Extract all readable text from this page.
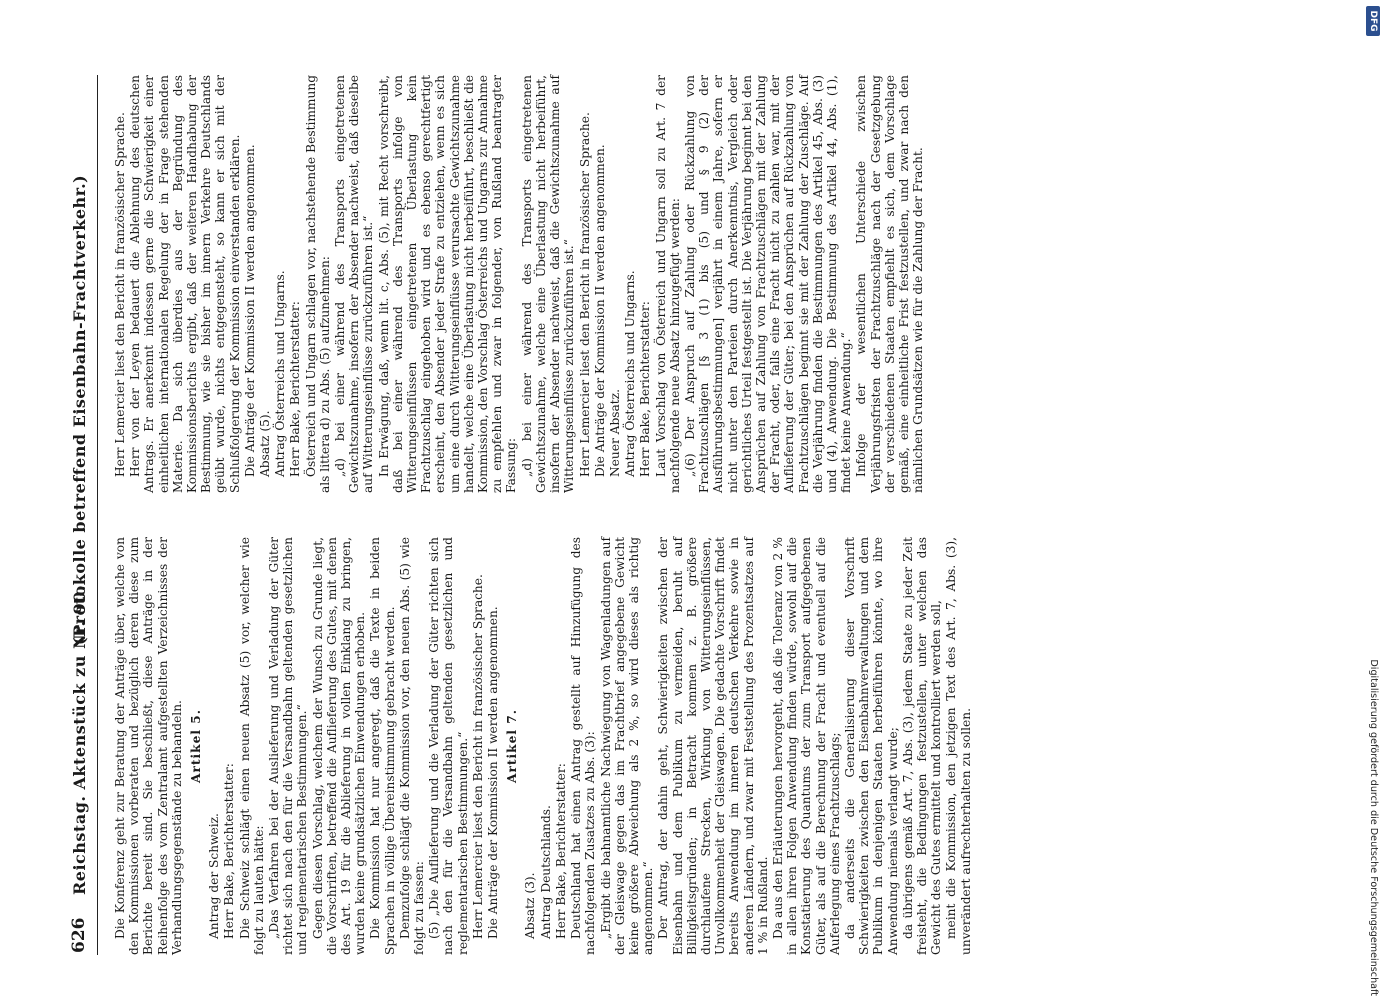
626
Reichstag. Aktenstück zu Nr. 90.
(Protokolle betreffend Eisenbahn-Frachtverkehr.)

Die Konferenz geht zur Beratung der Anträge über, welche von den Kommissionen vorberaten und bezüglich deren diese zum Berichte bereit sind. Sie beschließt, diese Anträge in der Reihenfolge des vom Zentralamt aufgestellten Verzeichnisses der Verhandlungsgegenstände zu behandeln. Artikel 5.

Antrag der Schweiz. Herr Bake, Berichterstatter: Die Schweiz schlägt einen neuen Absatz (5) vor, welcher wie folgt zu lauten hätte: „Das Verfahren bei der Auslieferung und Verladung der Güter richtet sich nach den für die Versandbahn geltenden gesetzlichen und reglementarischen Bestimmungen.“ Gegen diesen Vorschlag, welchem der Wunsch zu Grunde liegt, die Vorschriften, betreffend die Auflieferung des Gutes, mit denen des Art. 19 für die Ablieferung in vollen Einklang zu bringen, wurden keine grundsätzlichen Einwendungen erhoben. Die Kommission hat nur angeregt, daß die Texte in beiden Sprachen in völlige Übereinstimmung gebracht werden. Demzufolge schlägt die Kommission vor, den neuen Abs. (5) wie folgt zu fassen: (5) „Die Auflieferung und die Verladung der Güter richten sich nach den für die Versandbahn geltenden gesetzlichen und reglementarischen Bestimmungen.“ Herr Lemercier liest den Bericht in französischer Sprache. Die Anträge der Kommission II werden angenommen. Artikel 7.

Absatz (3). Antrag Deutschlands. Herr Bake, Berichterstatter: Deutschland hat einen Antrag gestellt auf Hinzufügung des nachfolgenden Zusatzes zu Abs. (3): „Ergibt die bahnamtliche Nachwiegung von Wagenladungen auf der Gleiswage gegen das im Frachtbrief angegebene Gewicht keine größere Abweichung als 2 %, so wird dieses als richtig angenommen.“ Der Antrag, der dahin geht, Schwierigkeiten zwischen der Eisenbahn und dem Publikum zu vermeiden, beruht auf Billigkeitsgründen; in Betracht kommen z. B. größere durchlaufene Strecken, Wirkung von Witterungseinflüssen, Unvollkommenheit der Gleiswagen. Die gedachte Vorschrift findet bereits Anwendung im inneren deutschen Verkehre sowie in anderen Ländern, und zwar mit Feststellung des Prozentsatzes auf 1 % in Rußland. Da aus den Erläuterungen hervorgeht, daß die Toleranz von 2 % in allen ihren Folgen Anwendung finden würde, sowohl auf die Konstatierung des Quantums der zum Transport aufgegebenen Güter, als auf die Berechnung der Fracht und eventuell auf die Auferlegung eines Frachtzuschlags; da anderseits die Generalisierung dieser Vorschrift Schwierigkeiten zwischen den Eisenbahnverwaltungen und dem Publikum in denjenigen Staaten herbeiführen könnte, wo ihre Anwendung niemals verlangt wurde; da übrigens gemäß Art. 7, Abs. (3), jedem Staate zu jeder Zeit freisteht, die Bedingungen festzustellen, unter welchen das Gewicht des Gutes ermittelt und kontrolliert werden soll, meint die Kommission, den jetzigen Text des Art. 7, Abs. (3), unverändert aufrechterhalten zu sollen.

Herr Lemercier liest den Bericht in französischer Sprache. Herr von der Leyen bedauert die Ablehnung des deutschen Antrags. Er anerkennt indessen gerne die Schwierigkeit einer einheitlichen internationalen Regelung der in Frage stehenden Materie. Da sich überdies aus der Begründung des Kommissionsberichts ergibt, daß der weiteren Handhabung der Bestimmung, wie sie bisher im innern Verkehre Deutschlands geübt wurde, nichts entgegensteht, so kann er sich mit der Schlußfolgerung der Kommission einverstanden erklären. Die Anträge der Kommission II werden angenommen. Absatz (5). Antrag Österreichs und Ungarns. Herr Bake, Berichterstatter: Österreich und Ungarn schlagen vor, nachstehende Bestimmung als littera d) zu Abs. (5) aufzunehmen: „d) bei einer während des Transports eingetretenen Gewichtszunahme, insofern der Absender nachweist, daß dieselbe auf Witterungseinflüsse zurückzuführen ist.“ In Erwägung, daß, wenn lit. c, Abs. (5), mit Recht vorschreibt, daß bei einer während des Transports infolge von Witterungseinflüssen eingetretenen Überlastung kein Frachtzuschlag eingehoben wird und es ebenso gerechtfertigt erscheint, den Absender jeder Strafe zu entziehen, wenn es sich um eine durch Witterungseinflüsse verursachte Gewichtszunahme handelt, welche eine Überlastung nicht herbeiführt, beschließt die Kommission, den Vorschlag Österreichs und Ungarns zur Annahme zu empfehlen und zwar in folgender, von Rußland beantragter Fassung: „d) bei einer während des Transports eingetretenen Gewichtszunahme, welche eine Überlastung nicht herbeiführt, insofern der Absender nachweist, daß die Gewichtszunahme auf Witterungseinflüsse zurückzuführen ist.“ Herr Lemercier liest den Bericht in französischer Sprache. Die Anträge der Kommission II werden angenommen. Neuer Absatz. Antrag Österreichs und Ungarns. Herr Bake, Berichterstatter: Laut Vorschlag von Österreich und Ungarn soll zu Art. 7 der nachfolgende neue Absatz hinzugefügt werden: „(6) Der Anspruch auf Zahlung oder Rückzahlung von Frachtzuschlägen [§ 3 (1) bis (5) und § 9 (2) der Ausführungsbestimmungen] verjährt in einem Jahre, sofern er nicht unter den Parteien durch Anerkenntnis, Vergleich oder gerichtliches Urteil festgestellt ist. Die Verjährung beginnt bei den Ansprüchen auf Zahlung von Frachtzuschlägen mit der Zahlung der Fracht, oder, falls eine Fracht nicht zu zahlen war, mit der Auflieferung der Güter; bei den Ansprüchen auf Rückzahlung von Frachtzuschlägen beginnt sie mit der Zahlung der Zuschläge. Auf die Verjährung finden die Bestimmungen des Artikel 45, Abs. (3) und (4), Anwendung. Die Bestimmung des Artikel 44, Abs. (1), findet keine Anwendung.“ Infolge der wesentlichen Unterschiede zwischen Verjährungsfristen der Frachtzuschläge nach der Gesetzgebung der verschiedenen Staaten empfiehlt es sich, dem Vorschlage gemäß, eine einheitliche Frist festzustellen, und zwar nach den nämlichen Grundsätzen wie für die Zahlung der Fracht.

DFG
Digitalisierung gefördert durch die Deutsche Forschungsgemeinschaft
